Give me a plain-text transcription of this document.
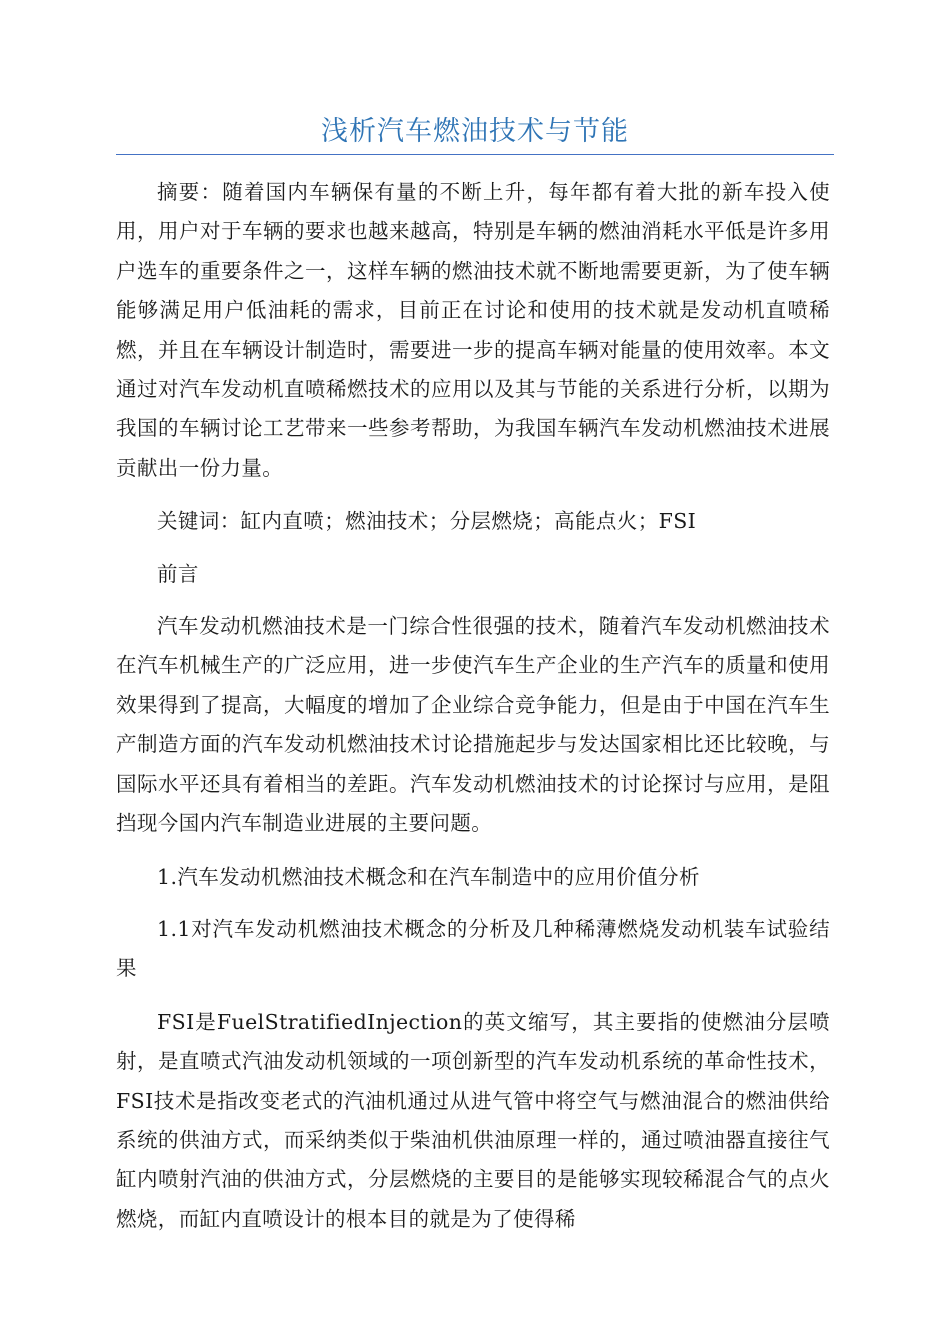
浅析汽车燃油技术与节能

摘要：随着国内车辆保有量的不断上升，每年都有着大批的新车投入使用，用户对于车辆的要求也越来越高，特别是车辆的燃油消耗水平低是许多用户选车的重要条件之一，这样车辆的燃油技术就不断地需要更新，为了使车辆能够满足用户低油耗的需求，目前正在讨论和使用的技术就是发动机直喷稀燃，并且在车辆设计制造时，需要进一步的提高车辆对能量的使用效率。本文通过对汽车发动机直喷稀燃技术的应用以及其与节能的关系进行分析，以期为我国的车辆讨论工艺带来一些参考帮助，为我国车辆汽车发动机燃油技术进展贡献出一份力量。

关键词：缸内直喷；燃油技术；分层燃烧；高能点火；FSI

前言

汽车发动机燃油技术是一门综合性很强的技术，随着汽车发动机燃油技术在汽车机械生产的广泛应用，进一步使汽车生产企业的生产汽车的质量和使用效果得到了提高，大幅度的增加了企业综合竞争能力，但是由于中国在汽车生产制造方面的汽车发动机燃油技术讨论措施起步与发达国家相比还比较晚，与国际水平还具有着相当的差距。汽车发动机燃油技术的讨论探讨与应用，是阻挡现今国内汽车制造业进展的主要问题。

1.汽车发动机燃油技术概念和在汽车制造中的应用价值分析

1.1对汽车发动机燃油技术概念的分析及几种稀薄燃烧发动机装车试验结果

FSI是FuelStratifiedInjection的英文缩写，其主要指的使燃油分层喷射，是直喷式汽油发动机领域的一项创新型的汽车发动机系统的革命性技术，FSI技术是指改变老式的汽油机通过从进气管中将空气与燃油混合的燃油供给系统的供油方式，而采纳类似于柴油机供油原理一样的，通过喷油器直接往气缸内喷射汽油的供油方式，分层燃烧的主要目的是能够实现较稀混合气的点火燃烧，而缸内直喷设计的根本目的就是为了使得稀
